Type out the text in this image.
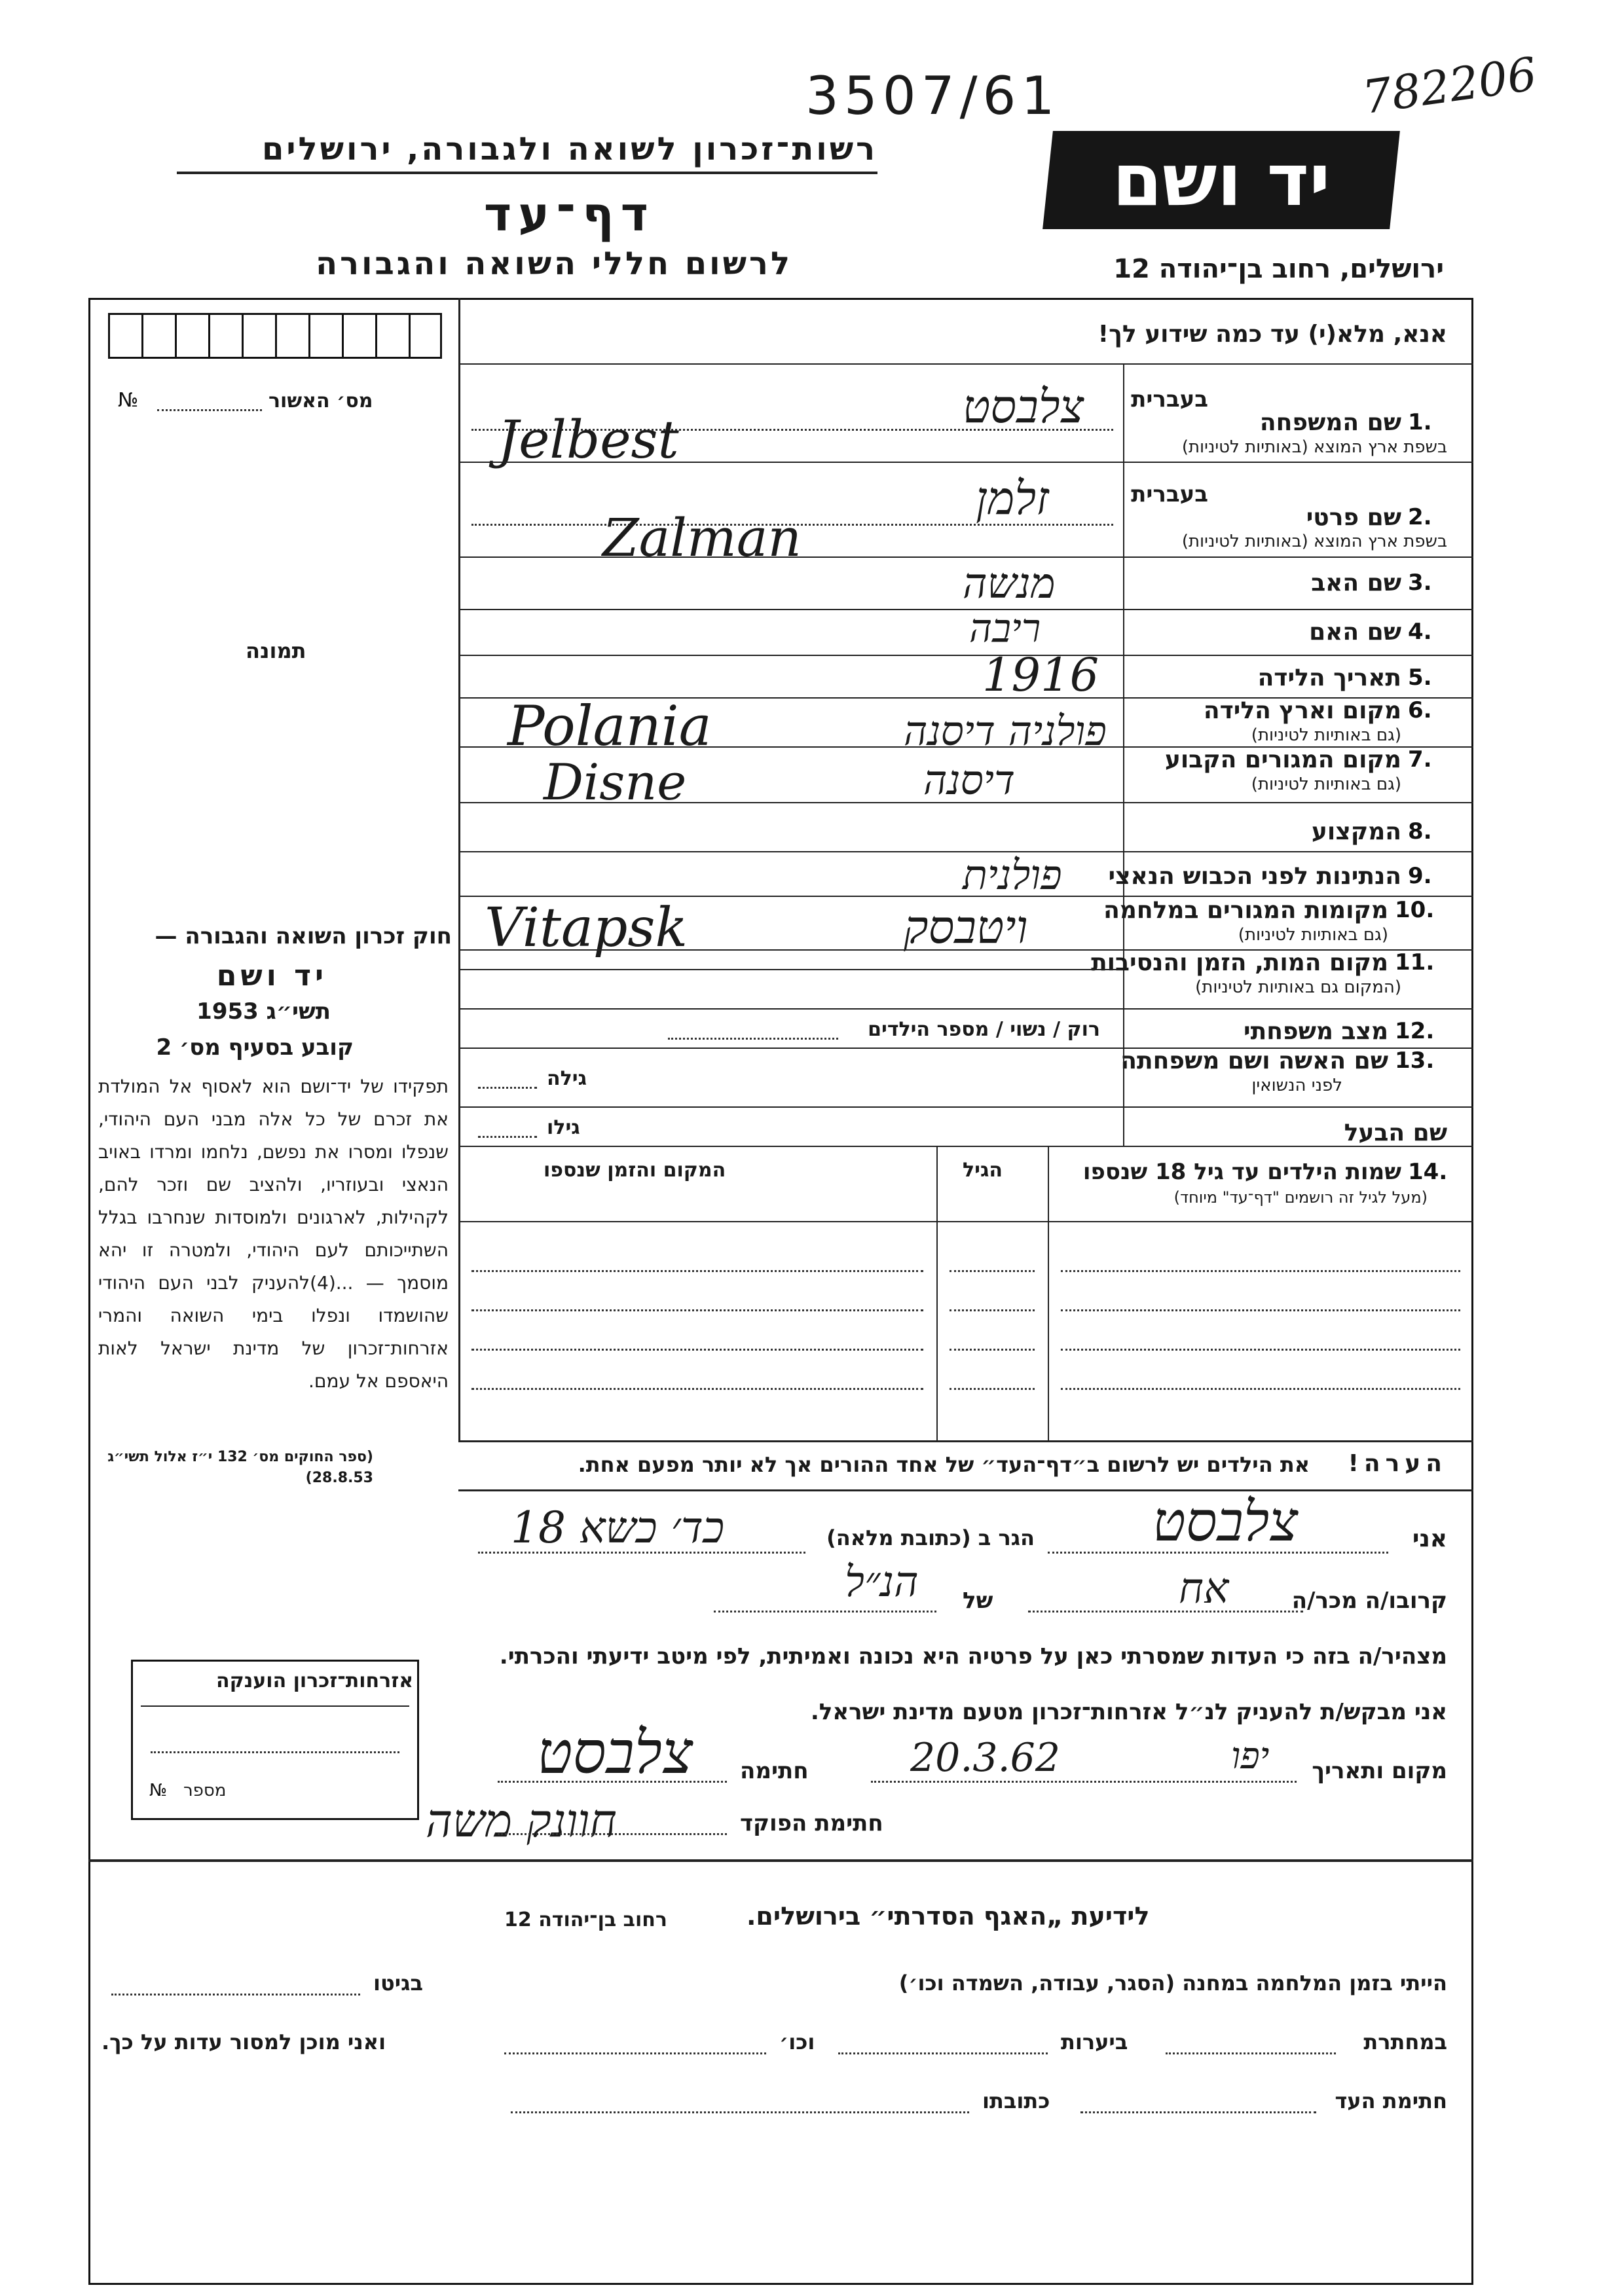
3507/61	782206
רשות־זכרון לשואה ולגבורה, ירושלים
דף־עד
לרשום חללי השואה והגבורה
יד ושם
ירושלים, רחוב בן־יהודה 12
אנא, מלא(י) עד כמה שידוע לך!
מס׳ האשור
№
תמונה
בעברית
1.
שם המשפחה
בשפת ארץ המוצא (באותיות לטיניות)
צלבסט
Jelbest
בעברית
2.
שם פרטי
בשפת ארץ המוצא (באותיות לטיניות)
זלמן
Zalman
3.
שם האב
מנשה
4.
שם האם
ריבה
5.
תאריך הלידה
1916
6.
מקום וארץ הלידה
(גם באותיות לטיניות)
פולניה דיסנה
Polania
7.
מקום המגורים הקבוע
(גם באותיות לטיניות)
דיסנה
Disne
8.
המקצוע
9.
הנתינות לפני הכבוש הנאצי
פולנית
10.
מקומות המגורים במלחמה
(גם באותיות לטיניות)
ויטבסק
Vitapsk
11.
מקום המות, הזמן והנסיבות
(המקום גם באותיות לטיניות)
12.
מצב משפחתי
רוק / נשוי / מספר הילדים
13.
שם האשה ושם משפחתה
לפני הנשואין
גילה
שם הבעל
גילו
14.
שמות הילדים עד גיל 18 שנספו
(מעל לגיל זה רושמים "דף־עד" מיוחד)
הגיל
המקום והזמן שנספו
חוק זכרון השואה והגבורה —
יד ושם
תשי״ג 1953
קובע בסעיף מס׳ 2
תפקידו של יד־ושם הוא לאסוף אל המולדת את זכרם של כל אלה מבני העם היהודי, שנפלו ומסרו את נפשם, נלחמו ומרדו באויב הנאצי ובעוזריו, ולהציב שם וזכר להם, לקהילות, לארגונים ולמוסדות שנחרבו בגלל השתייכותם לעם היהודי, ולמטרה זו יהא מוסמך — ...(4)להעניק לבני העם היהודי שהושמדו ונפלו בימי השואה והמרי אזרחות־זכרון של מדינת ישראל לאות היאספם אל עמם.
(ספר החוקים מס׳ 132 י״ז אלול תשי״ג 28.8.53)
הערה!
את הילדים יש לרשום ב״דף־העד״ של אחד ההורים אך לא יותר מפעם אחת.
אני
צלבסט
הגר ב (כתובת מלאה)
כד׳ כשא 18
קרובו/ה מכר/ה
אח
של
הנ״ל
מצהיר/ה בזה כי העדות שמסרתי כאן על פרטיה היא נכונה ואמיתית, לפי מיטב ידיעתי והכרתי.
אני מבקש/ת להעניק לנ״ל אזרחות־זכרון מטעם מדינת ישראל.
מקום ותאריך
יפו
20.3.62
חתימה
צלבסט
חתימת הפוקד
חוונק משה
אזרחות־זכרון הוענקה
מספר
№
לידיעת „האגף הסדרתי״ בירושלים.
רחוב בן־יהודה 12
הייתי בזמן המלחמה במחנה (הסגר, עבודה, השמדה וכו׳)
בגיטו
במחתרת
ביערות
וכו׳
ואני מוכן למסור עדות על כך.
חתימת העד
כתובתו
